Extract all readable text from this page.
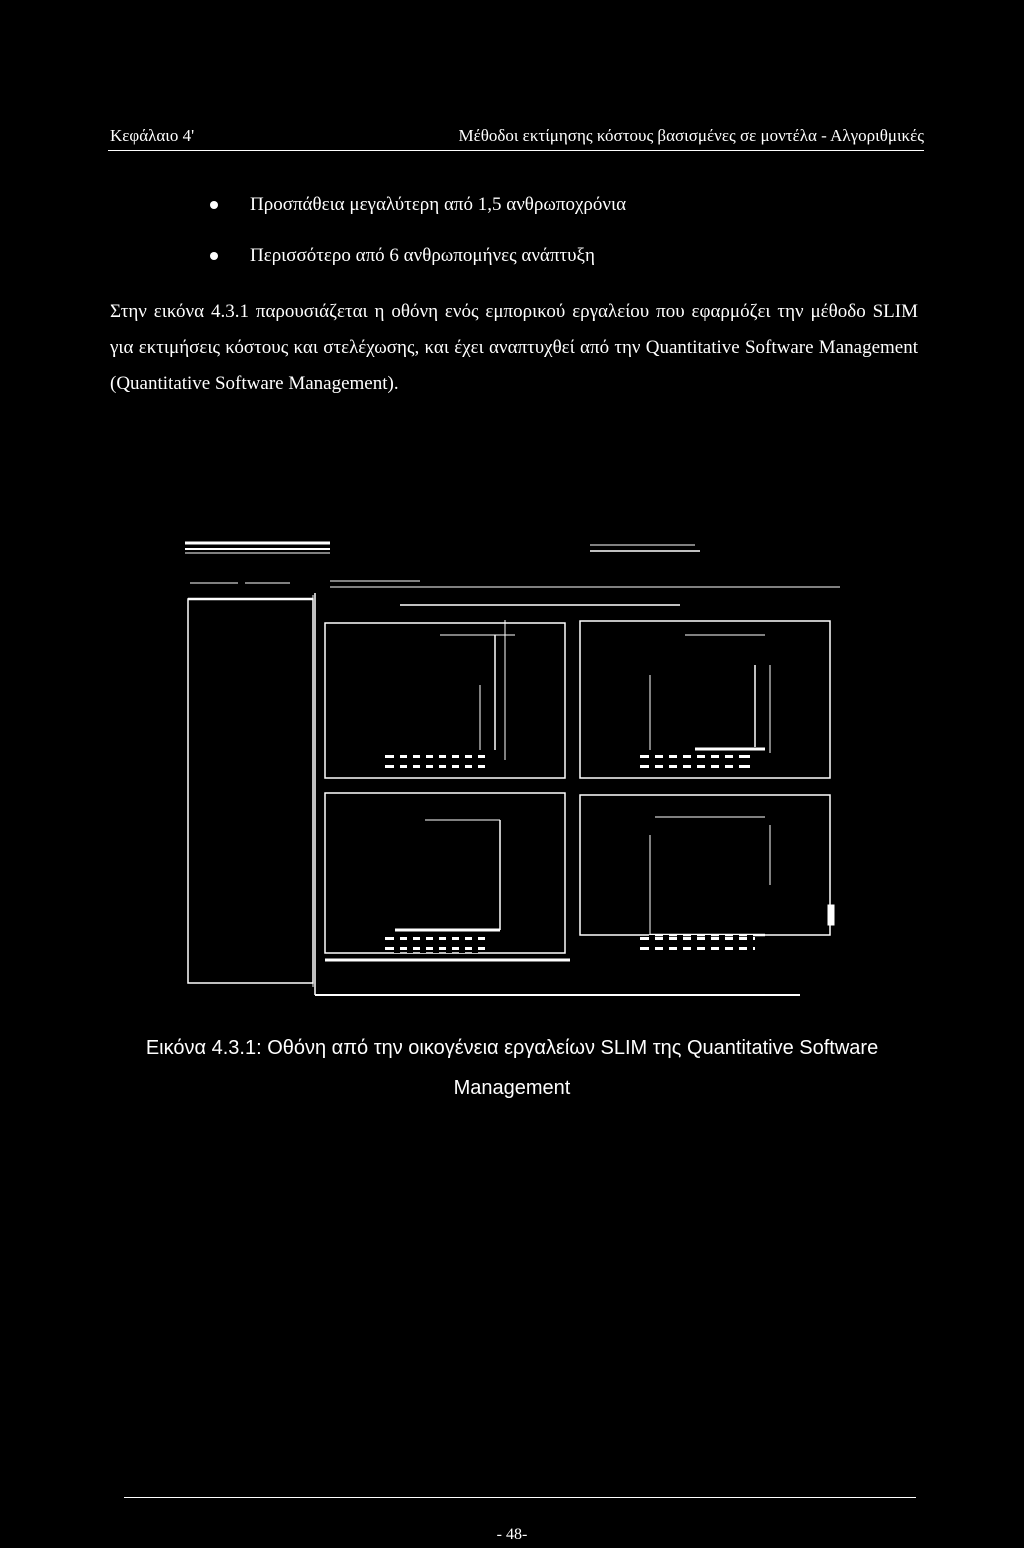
Κεφάλαιο 4'	Μέθοδοι εκτίμησης κόστους βασισμένες σε μοντέλα - Αλγοριθμικές
Προσπάθεια μεγαλύτερη από 1,5 ανθρωποχρόνια
Περισσότερο από 6 ανθρωπομήνες ανάπτυξη
Στην εικόνα 4.3.1 παρουσιάζεται η οθόνη ενός εμπορικού εργαλείου που εφαρμόζει την μέθοδο SLIM για εκτιμήσεις κόστους και στελέχωσης, και έχει αναπτυχθεί από την Quantitative Software Management (Quantitative Software Management).
Εικόνα 4.3.1: Οθόνη από την οικογένεια εργαλείων SLIM της Quantitative Software
Management
- 48-
